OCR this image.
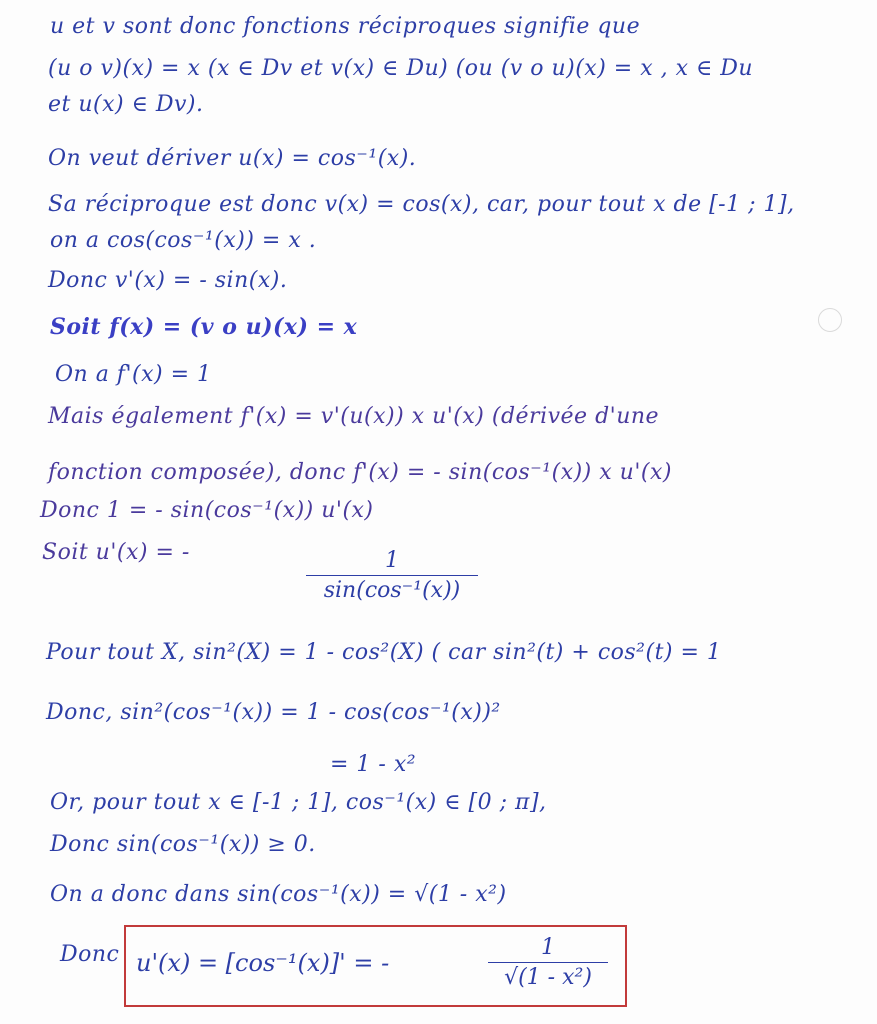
u et v sont donc fonctions réciproques signifie que
(u o v)(x) = x (x ∈ Dv et v(x) ∈ Du) (ou (v o u)(x) = x , x ∈ Du
et u(x) ∈ Dv).
On veut dériver u(x) = cos⁻¹(x).
Sa réciproque est donc v(x) = cos(x), car, pour tout x de [-1 ; 1],
on a cos(cos⁻¹(x)) = x .
Donc v'(x) = - sin(x).
Soit f(x) = (v o u)(x) = x
On a f'(x) = 1
Mais également f'(x) = v'(u(x)) x u'(x) (dérivée d'une
fonction composée), donc f'(x) = - sin(cos⁻¹(x)) x u'(x)
Donc 1 = - sin(cos⁻¹(x)) u'(x)
Soit u'(x) = -	1
sin(cos⁻¹(x))
Pour tout X, sin²(X) = 1 - cos²(X) ( car sin²(t) + cos²(t) = 1
Donc, sin²(cos⁻¹(x)) = 1 - cos(cos⁻¹(x))²
= 1 - x²
Or, pour tout x ∈ [-1 ; 1], cos⁻¹(x) ∈ [0 ; π],
Donc sin(cos⁻¹(x)) ≥ 0.
On a donc dans sin(cos⁻¹(x)) = √(1 - x²)
Donc u'(x) = [cos⁻¹(x)]' = -
1
√(1 - x²)
